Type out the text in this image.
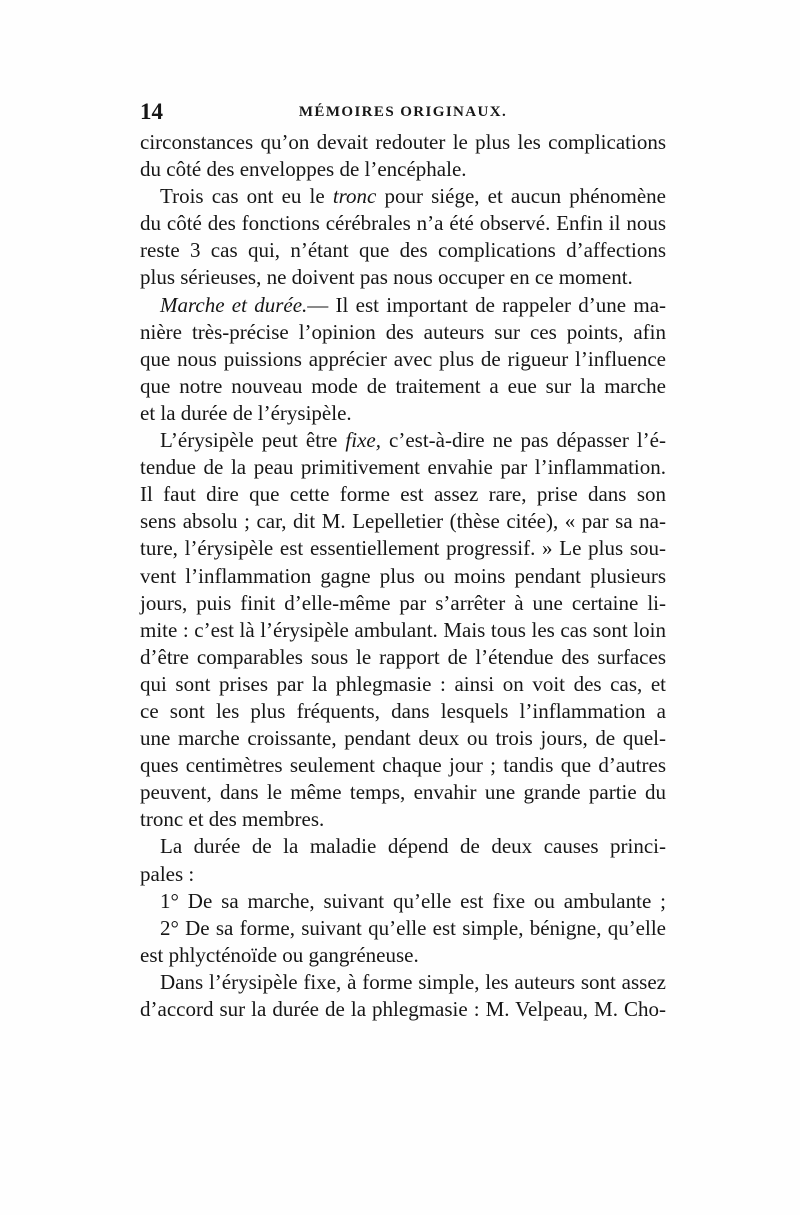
14	MÉMOIRES ORIGINAUX.
circonstances qu’on devait redouter le plus les complications
du côté des enveloppes de l’encéphale.
Trois cas ont eu le tronc pour siége, et aucun phénomène
du côté des fonctions cérébrales n’a été observé. Enfin il nous
reste 3 cas qui, n’étant que des complications d’affections
plus sérieuses, ne doivent pas nous occuper en ce moment.
Marche et durée.— Il est important de rappeler d’une ma-
nière très-précise l’opinion des auteurs sur ces points, afin
que nous puissions apprécier avec plus de rigueur l’influence
que notre nouveau mode de traitement a eue sur la marche
et la durée de l’érysipèle.
L’érysipèle peut être fixe, c’est-à-dire ne pas dépasser l’é-
tendue de la peau primitivement envahie par l’inflammation.
Il faut dire que cette forme est assez rare, prise dans son
sens absolu ; car, dit M. Lepelletier (thèse citée), « par sa na-
ture, l’érysipèle est essentiellement progressif. » Le plus sou-
vent l’inflammation gagne plus ou moins pendant plusieurs
jours, puis finit d’elle-même par s’arrêter à une certaine li-
mite : c’est là l’érysipèle ambulant. Mais tous les cas sont loin
d’être comparables sous le rapport de l’étendue des surfaces
qui sont prises par la phlegmasie : ainsi on voit des cas, et
ce sont les plus fréquents, dans lesquels l’inflammation a
une marche croissante, pendant deux ou trois jours, de quel-
ques centimètres seulement chaque jour ; tandis que d’autres
peuvent, dans le même temps, envahir une grande partie du
tronc et des membres.
La durée de la maladie dépend de deux causes princi-
pales :
1° De sa marche, suivant qu’elle est fixe ou ambulante ;
2° De sa forme, suivant qu’elle est simple, bénigne, qu’elle
est phlycténoïde ou gangréneuse.
Dans l’érysipèle fixe, à forme simple, les auteurs sont assez
d’accord sur la durée de la phlegmasie : M. Velpeau, M. Cho-
